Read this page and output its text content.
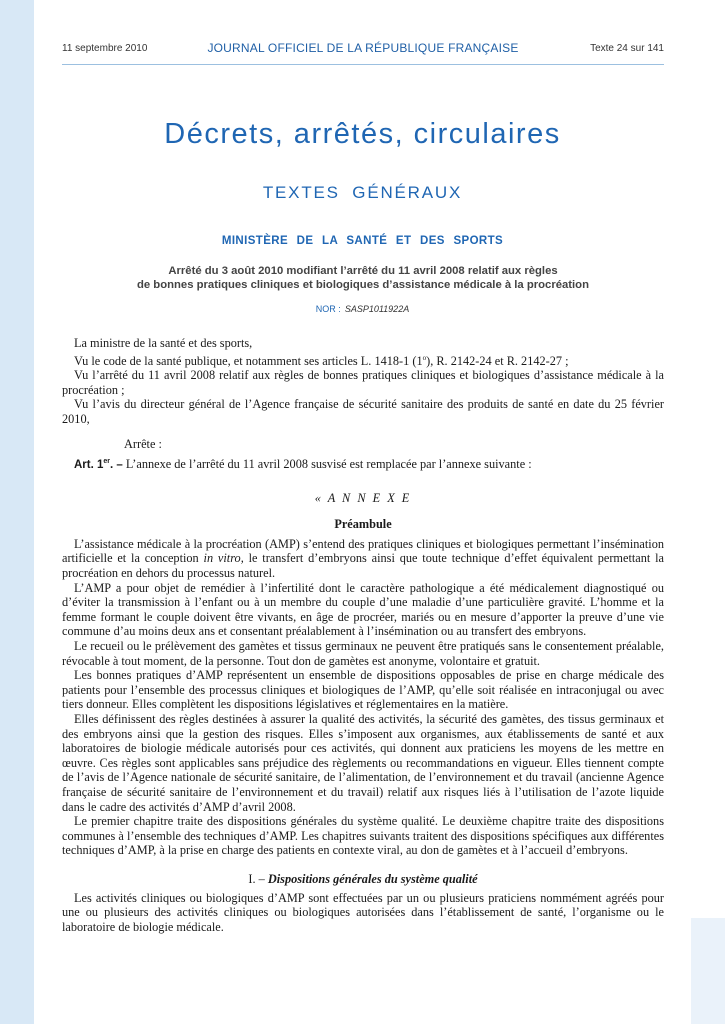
11 septembre 2010	JOURNAL OFFICIEL DE LA RÉPUBLIQUE FRANÇAISE	Texte 24 sur 141
Décrets, arrêtés, circulaires
TEXTES GÉNÉRAUX
MINISTÈRE DE LA SANTÉ ET DES SPORTS
Arrêté du 3 août 2010 modifiant l’arrêté du 11 avril 2008 relatif aux règles
de bonnes pratiques cliniques et biologiques d’assistance médicale à la procréation
NOR : SASP1011922A

La ministre de la santé et des sports,

Vu le code de la santé publique, et notamment ses articles L. 1418-1 (1$^o$), R. 2142-24 et R. 2142-27 ;

Vu l’arrêté du 11 avril 2008 relatif aux règles de bonnes pratiques cliniques et biologiques d’assistance médicale à la procréation ;

Vu l’avis du directeur général de l’Agence française de sécurité sanitaire des produits de santé en date du 25 février 2010,

Arrête :

Art. 1er. – L’annexe de l’arrêté du 11 avril 2008 susvisé est remplacée par l’annexe suivante :

« A N N E X E
Préambule

L’assistance médicale à la procréation (AMP) s’entend des pratiques cliniques et biologiques permettant l’insémination artificielle et la conception in vitro, le transfert d’embryons ainsi que toute technique d’effet équivalent permettant la procréation en dehors du processus naturel.

L’AMP a pour objet de remédier à l’infertilité dont le caractère pathologique a été médicalement diagnostiqué ou d’éviter la transmission à l’enfant ou à un membre du couple d’une maladie d’une particulière gravité. L’homme et la femme formant le couple doivent être vivants, en âge de procréer, mariés ou en mesure d’apporter la preuve d’une vie commune d’au moins deux ans et consentant préalablement à l’insémination ou au transfert des embryons.

Le recueil ou le prélèvement des gamètes et tissus germinaux ne peuvent être pratiqués sans le consentement préalable, révocable à tout moment, de la personne. Tout don de gamètes est anonyme, volontaire et gratuit.

Les bonnes pratiques d’AMP représentent un ensemble de dispositions opposables de prise en charge médicale des patients pour l’ensemble des processus cliniques et biologiques de l’AMP, qu’elle soit réalisée en intraconjugal ou avec tiers donneur. Elles complètent les dispositions législatives et réglementaires en la matière.

Elles définissent des règles destinées à assurer la qualité des activités, la sécurité des gamètes, des tissus germinaux et des embryons ainsi que la gestion des risques. Elles s’imposent aux organismes, aux établissements de santé et aux laboratoires de biologie médicale autorisés pour ces activités, qui donnent aux praticiens les moyens de les mettre en œuvre. Ces règles sont applicables sans préjudice des règlements ou recommandations en vigueur. Elles tiennent compte de l’avis de l’Agence nationale de sécurité sanitaire, de l’alimentation, de l’environnement et du travail (ancienne Agence française de sécurité sanitaire de l’environnement et du travail) relatif aux risques liés à l’utilisation de l’azote liquide dans le cadre des activités d’AMP d’avril 2008.

Le premier chapitre traite des dispositions générales du système qualité. Le deuxième chapitre traite des dispositions communes à l’ensemble des techniques d’AMP. Les chapitres suivants traitent des dispositions spécifiques aux différentes techniques d’AMP, à la prise en charge des patients en contexte viral, au don de gamètes et à l’accueil d’embryons.

I. – Dispositions générales du système qualité

Les activités cliniques ou biologiques d’AMP sont effectuées par un ou plusieurs praticiens nommément agréés pour une ou plusieurs des activités cliniques ou biologiques autorisées dans l’établissement de santé, l’organisme ou le laboratoire de biologie médicale.
